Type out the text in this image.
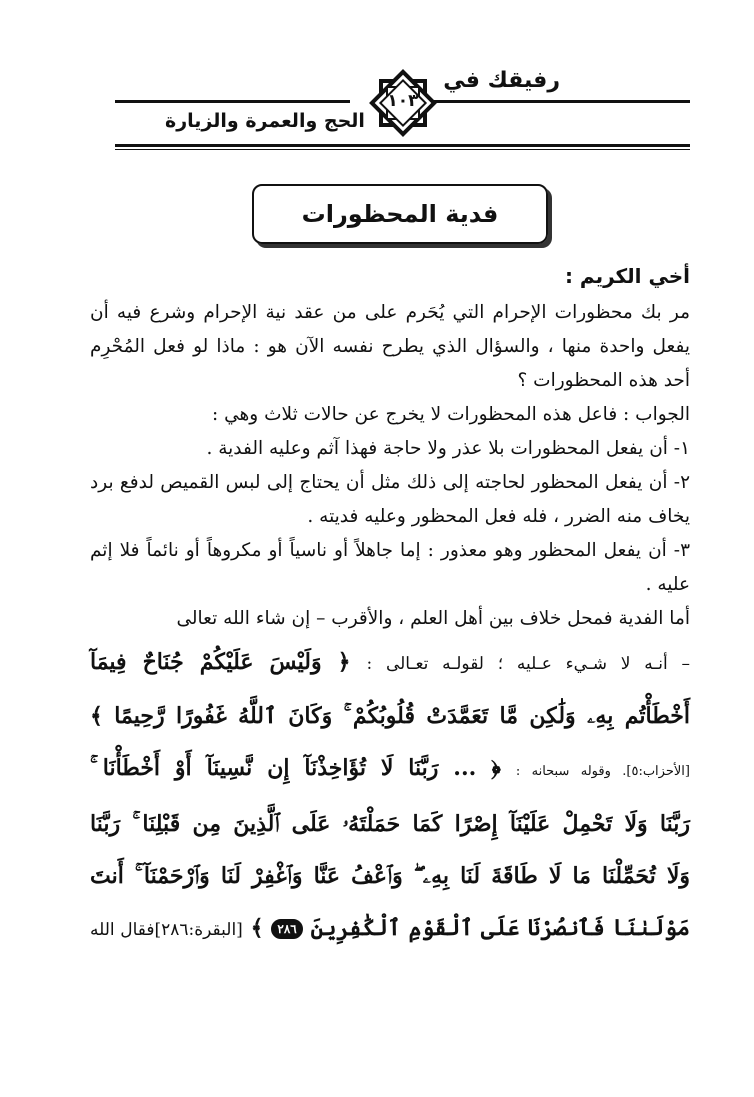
رفيقك في
الحج والعمرة والزيارة
١٠٣
فدية المحظورات

أخي الكريم :

مر بك محظورات الإحرام التي يُحَرم على من عقد نية الإحرام وشرع فيه أن يفعل واحدة منها ، والسؤال الذي يطرح نفسه الآن هو : ماذا لو فعل المُحْرِم أحد هذه المحظورات ؟

الجواب : فاعل هذه المحظورات لا يخرج عن حالات ثلاث وهي :

١- أن يفعل المحظورات بلا عذر ولا حاجة فهذا آثم وعليه الفدية .

٢- أن يفعل المحظور لحاجته إلى ذلك مثل أن يحتاج إلى لبس القميص لدفع برد يخاف منه الضرر ، فله فعل المحظور وعليه فديته .

٣- أن يفعل المحظور وهو معذور : إما جاهلاً أو ناسياً أو مكروهاً أو نائماً فلا إثم عليه .

أما الفدية فمحل خلاف بين أهل العلم ، والأقرب – إن شاء الله تعالى

– أنـه لا شـيء عـليه ؛ لقولـه تعـالى : ﴿ وَلَيْسَ عَلَيْكُمْ جُنَاحٌ فِيمَآ
أَخْطَأْتُم بِهِۦ وَلَٰكِن مَّا تَعَمَّدَتْ قُلُوبُكُمْ ۚ وَكَانَ ٱللَّهُ غَفُورًا رَّحِيمًا ﴾
[الأحزاب:٥]. وقوله سبحانه : ﴿ ... رَبَّنَا لَا تُؤَاخِذْنَآ إِن نَّسِينَآ أَوْ أَخْطَأْنَا ۚ
رَبَّنَا وَلَا تَحْمِلْ عَلَيْنَآ إِصْرًا كَمَا حَمَلْتَهُۥ عَلَى ٱلَّذِينَ مِن قَبْلِنَا ۚ رَبَّنَا
وَلَا تُحَمِّلْنَا مَا لَا طَاقَةَ لَنَا بِهِۦ ۖ وَٱعْفُ عَنَّا وَٱغْفِرْ لَنَا وَٱرْحَمْنَآ ۚ أَنتَ
مَوْلَىٰنَا فَٱنصُرْنَا عَلَى ٱلْقَوْمِ ٱلْكَٰفِرِينَ ٢٨٦ ﴾ [البقرة:٢٨٦]فقال الله
